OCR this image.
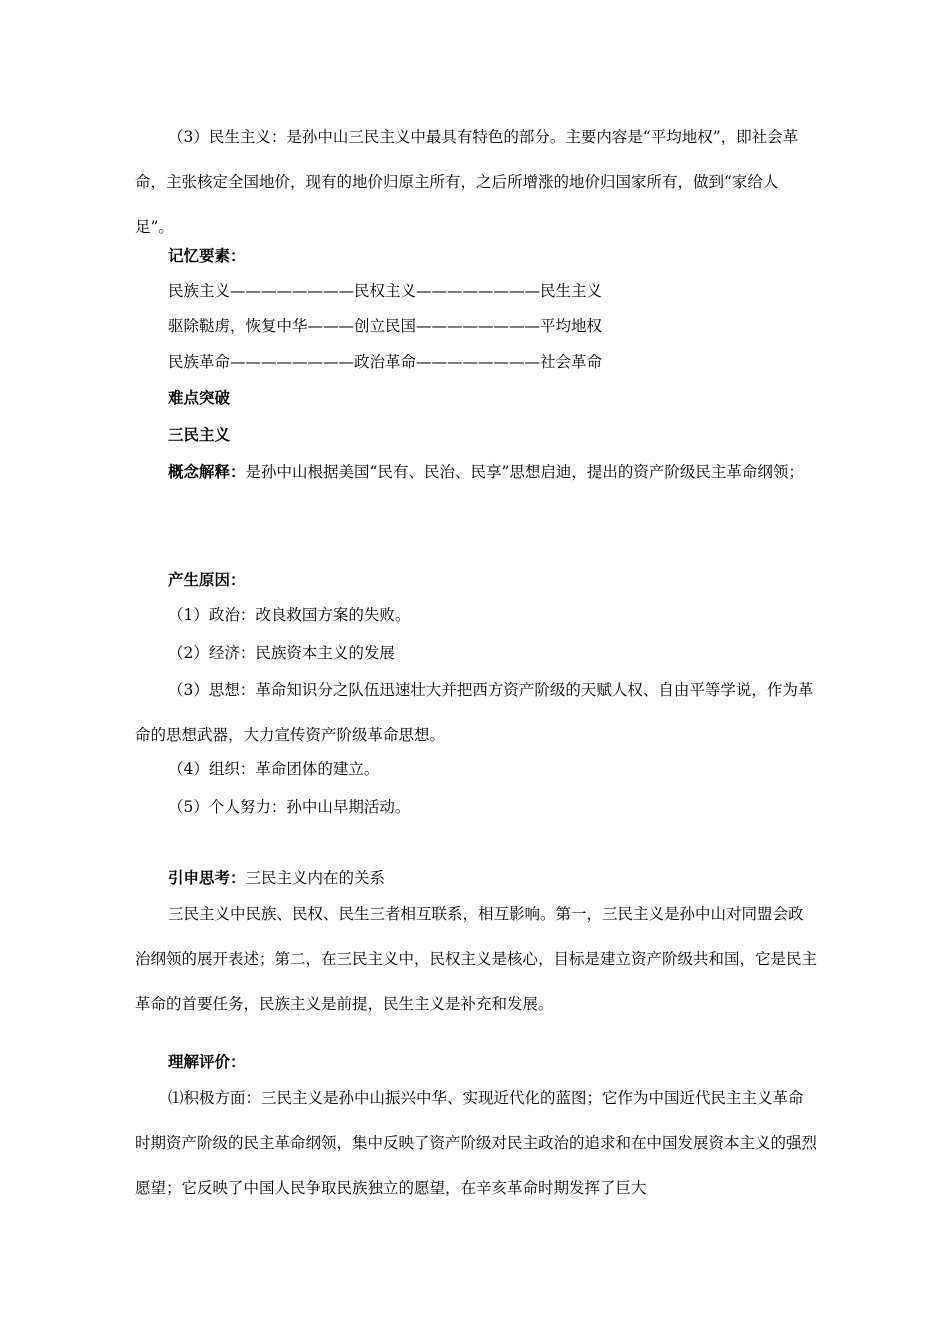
（3）民生主义：是孙中山三民主义中最具有特色的部分。主要内容是“平均地权”，即社会革命，主张核定全国地价，现有的地价归原主所有，之后所增涨的地价归国家所有，做到“家给人足”。
记忆要素：
民族主义————————民权主义————————民生主义
驱除鞑虏，恢复中华———创立民国————————平均地权
民族革命————————政治革命————————社会革命
难点突破
三民主义
概念解释：是孙中山根据美国“民有、民治、民享”思想启迪，提出的资产阶级民主革命纲领；
产生原因：
（1）政治：改良救国方案的失败。
（2）经济：民族资本主义的发展
（3）思想：革命知识分之队伍迅速壮大并把西方资产阶级的天赋人权、自由平等学说，作为革命的思想武器，大力宣传资产阶级革命思想。
（4）组织：革命团体的建立。
（5）个人努力：孙中山早期活动。
引申思考：三民主义内在的关系
三民主义中民族、民权、民生三者相互联系，相互影响。第一，三民主义是孙中山对同盟会政治纲领的展开表述；第二，在三民主义中，民权主义是核心，目标是建立资产阶级共和国，它是民主革命的首要任务，民族主义是前提，民生主义是补充和发展。
理解评价：
⑴积极方面：三民主义是孙中山振兴中华、实现近代化的蓝图；它作为中国近代民主主义革命时期资产阶级的民主革命纲领，集中反映了资产阶级对民主政治的追求和在中国发展资本主义的强烈愿望；它反映了中国人民争取民族独立的愿望，在辛亥革命时期发挥了巨大
